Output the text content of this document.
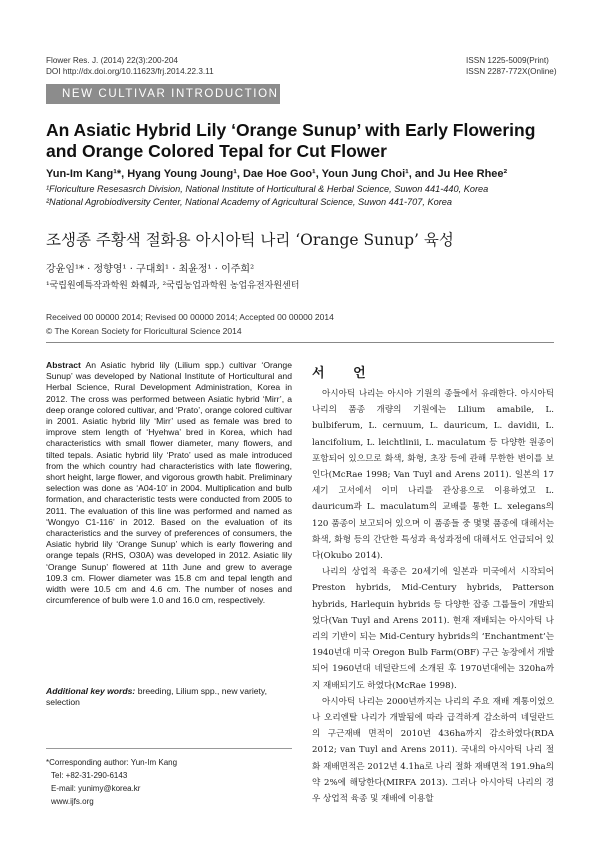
Flower Res. J. (2014) 22(3):200-204
DOI http://dx.doi.org/10.11623/frj.2014.22.3.11
ISSN 1225-5009(Print)
ISSN 2287-772X(Online)
NEW CULTIVAR INTRODUCTION
An Asiatic Hybrid Lily ‘Orange Sunup’ with Early Flowering and Orange Colored Tepal for Cut Flower
Yun-Im Kang¹*, Hyang Young Joung¹, Dae Hoe Goo¹, Youn Jung Choi¹, and Ju Hee Rhee²
¹Floriculture Resesasrch Division, National Institute of Horticultural & Herbal Science, Suwon 441-440, Korea
²National Agrobiodiversity Center, National Academy of Agricultural Science, Suwon 441-707, Korea
조생종 주황색 절화용 아시아틱 나리 ‘Orange Sunup’ 육성
강윤임¹* · 정향영¹ · 구대회¹ · 최윤정¹ · 이주희²
¹국립원예특작과학원 화훼과, ²국립농업과학원 농업유전자원센터
Received 00 00000 2014; Revised 00 00000 2014; Accepted 00 00000 2014
© The Korean Society for Floricultural Science 2014
Abstract An Asiatic hybrid lily (Lilium spp.) cultivar ‘Orange Sunup’ was developed by National Institute of Horticultural and Herbal Science, Rural Development Administration, Korea in 2012. The cross was performed between Asiatic hybrid ‘Mirr’, a deep orange colored cultivar, and ‘Prato’, orange colored cultivar in 2001. Asiatic hybrid lily ‘Mirr’ used as female was bred to improve stem length of ‘Hyehwa’ bred in Korea, which had characteristics with small flower diameter, many flowers, and tilted tepals. Asiatic hybrid lily ‘Prato’ used as male introduced from the which country had characteristics with late flowering, short height, large flower, and vigorous growth habit. Preliminary selection was done as ‘A04-10’ in 2004. Multiplication and bulb formation, and characteristic tests were conducted from 2005 to 2011. The evaluation of this line was performed and named as ‘Wongyo C1-116’ in 2012. Based on the evaluation of its characteristics and the survey of preferences of consumers, the Asiatic hybrid lily ‘Orange Sunup’ which is early flowering and orange tepals (RHS, O30A) was developed in 2012. Asiatic lily ‘Orange Sunup’ flowered at 11th June and grew to average 109.3 cm. Flower diameter was 15.8 cm and tepal length and width were 10.5 cm and 4.6 cm. The number of noses and circumference of bulb were 1.0 and 16.0 cm, respectively.
Additional key words: breeding, Lilium spp., new variety, selection
*Corresponding author: Yun-Im Kang
Tel: +82-31-290-6143
E-mail: yunimy@korea.kr
www.ijfs.org
서 언

아시아틱 나리는 아시아 기원의 종들에서 유래한다. 아시아틱 나리의 품종 개량의 기원에는 Lilium amabile, L. bulbiferum, L. cernuum, L. dauricum, L. davidii, L. lancifolium, L. leichtlinii, L. maculatum 등 다양한 원종이 포함되어 있으므로 화색, 화형, 초장 등에 관해 무한한 변이를 보인다(McRae 1998; Van Tuyl and Arens 2011). 일본의 17세기 고서에서 이미 나리를 관상용으로 이용하였고 L. dauricum과 L. maculatum의 교배를 통한 L. xelegans의 120 품종이 보고되어 있으며 이 품종들 중 몇몇 품종에 대해서는 화색, 화형 등의 간단한 특성과 육성과정에 대해서도 언급되어 있다(Okubo 2014).

나리의 상업적 육종은 20세기에 일본과 미국에서 시작되어 Preston hybrids, Mid-Century hybrids, Patterson hybrids, Harlequin hybrids 등 다양한 잡종 그룹들이 개발되었다(Van Tuyl and Arens 2011). 현재 재배되는 아시아틱 나리의 기반이 되는 Mid-Century hybrids의 ‘Enchantment’는 1940년대 미국 Oregon Bulb Farm(OBF) 구근 농장에서 개발되어 1960년대 네덜란드에 소개된 후 1970년대에는 320ha까지 재배되기도 하였다(McRae 1998).

아시아틱 나리는 2000년까지는 나리의 주요 재배 계통이었으나 오리엔탈 나리가 개발됨에 따라 급격하게 감소하여 네덜란드의 구근재배 면적이 2010년 436ha까지 감소하였다(RDA 2012; van Tuyl and Arens 2011). 국내의 아시아틱 나리 절화 재배면적은 2012년 4.1ha로 나리 절화 재배면적 191.9ha의 약 2%에 해당한다(MIRFA 2013). 그러나 아시아틱 나리의 경우 상업적 육종 및 재배에 이용할
